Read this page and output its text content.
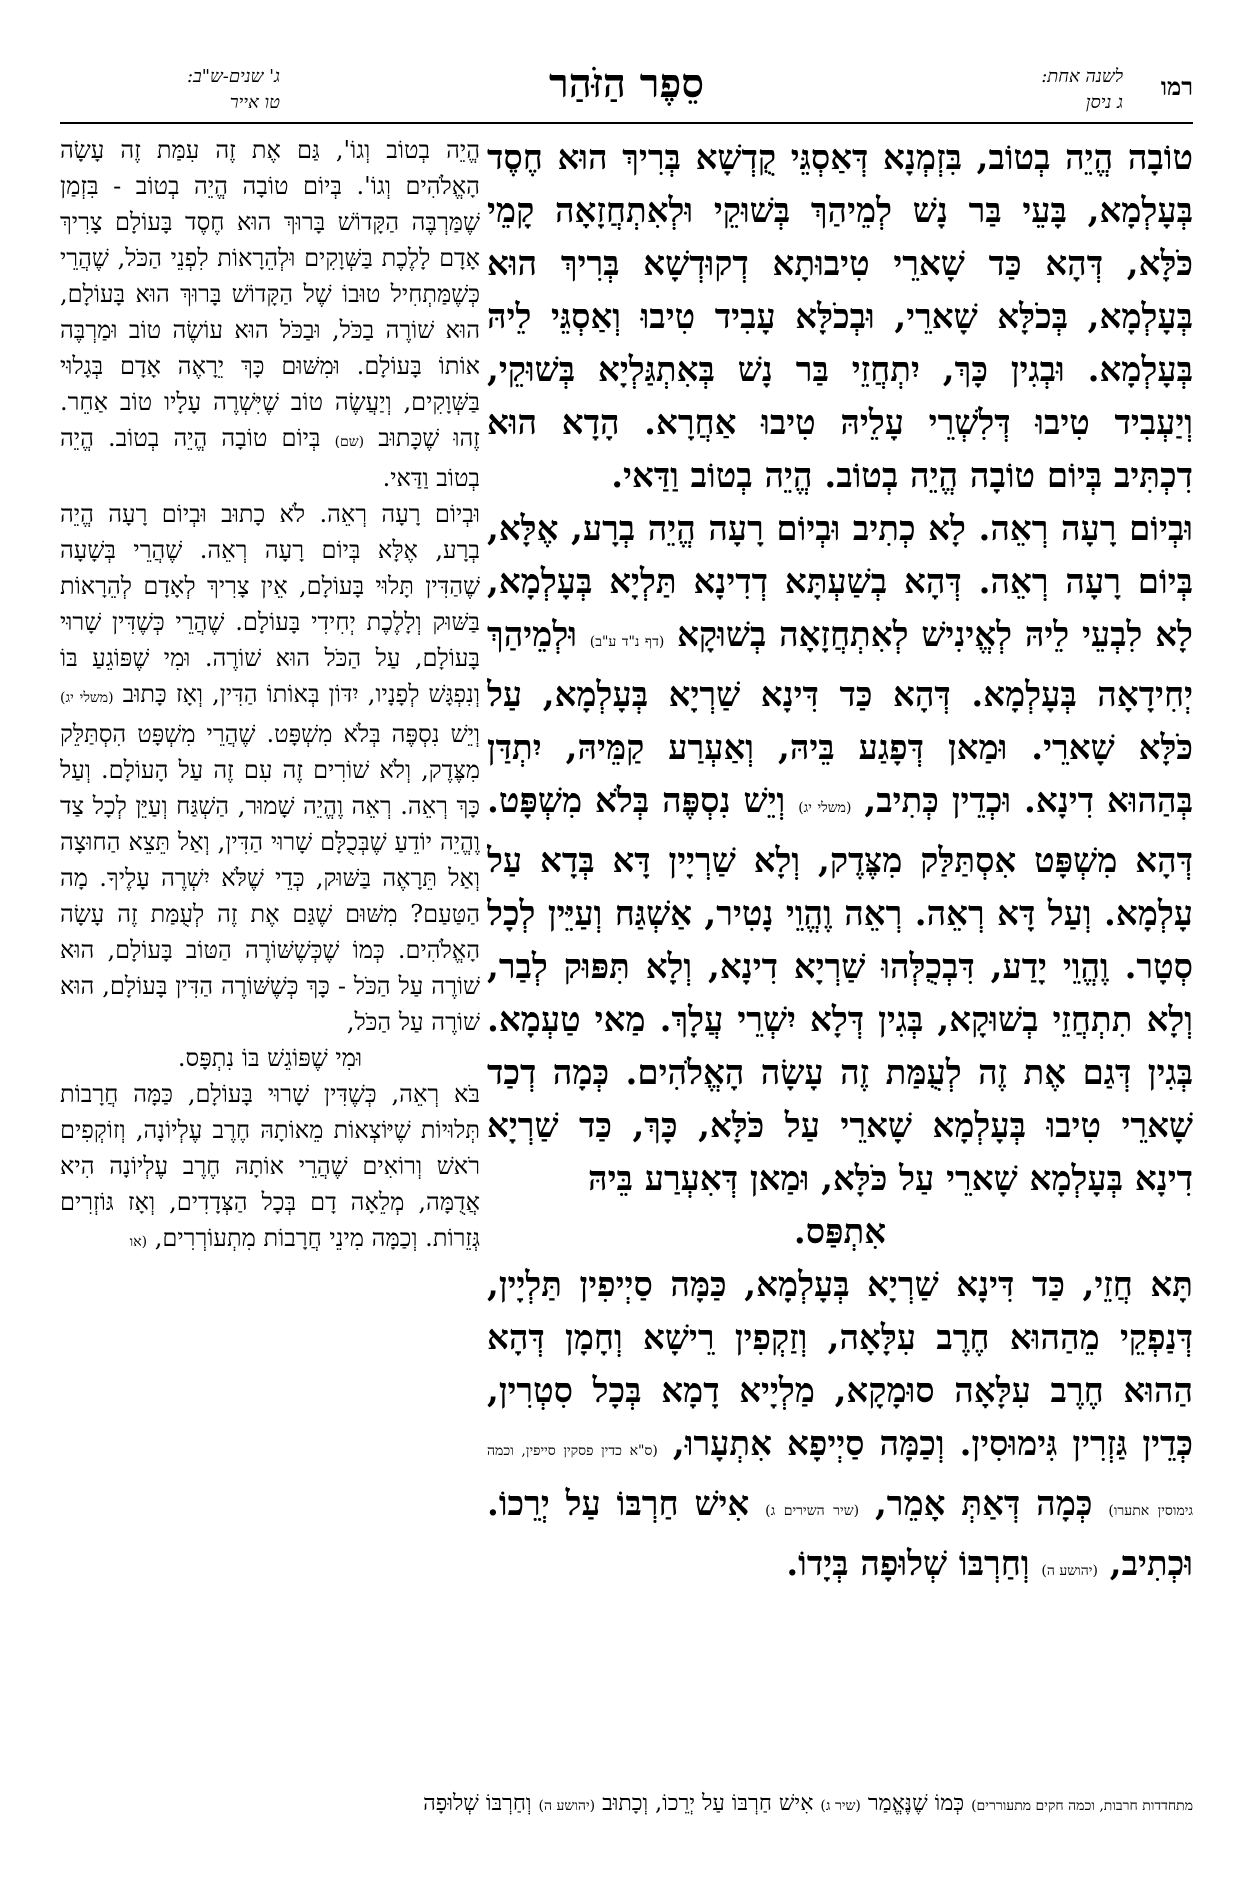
רמו
לשנה אחת:
ג ניסן
סֵפֶר הַזֹּהַר
ג' שנים-ש"ב:
טו אייר

טוֹבָה הֱיֵה בְטוֹב, בִּזְמְנָא דְּאַסְגֵּי קֻדְשָׁא בְּרִיךְ הוּא חֶסֶד בְּעָלְמָא, בָּעֵי בַּר נָשׁ לְמֵיהַךְ בְּשׁוּקֵי וּלְאִתְחֲזָאָה קָמֵי כֹּלָּא, דְּהָא כַּד שָׁארֵי טִיבוּתָא דְקוּדְשָׁא בְּרִיךְ הוּא בְּעָלְמָא, בְּכֹלָּא שָׁארֵי, וּבְכֹלָּא עָבִיד טִיבוּ וְאַסְגֵּי לֵיהּ בְּעָלְמָא. וּבְגִין כָּךְ, יִתְחֲזֵי בַּר נָשׁ בְּאִתְגַּלְיָא בְּשׁוּקֵי, וְיַעְבִיד טִיבוּ דְּלִשְׁרֵי עָלֵיהּ טִיבוּ אַחֲרָא. הָדָא הוּא דִכְתִּיב בְּיוֹם טוֹבָה הֱיֵה בְטוֹב. הֱיֵה בְטוֹב וַדַּאי.

וּבְיוֹם רָעָה רְאֵה. לָא כְתִיב וּבְיוֹם רָעָה הֱיֵה בְרָע, אֶלָּא, בְּיוֹם רָעָה רְאֵה. דְּהָא בְשַׁעְתָּא דְדִינָא תַּלְיָא בְּעָלְמָא, לָא לִבְעֵי לֵיהּ לְאֱינִישׁ לְאִתְחֲזָאָה בְשׁוּקָא (דף נ"ד ע"ב) וּלְמֵיהַךְ יְחִידָאָה בְּעָלְמָא. דְּהָא כַּד דִּינָא שַׁרְיָא בְּעָלְמָא, עַל כֹּלָּא שָׁארֵי. וּמַאן דְּפָגַע בֵּיהּ, וְאַעְרַע קַמֵּיהּ, יִתְדַּן בְּהַהוּא דִינָא. וּכְדֵין כְּתִיב, (משלי יג) וְיֵשׁ נִסְפֶּה בְּלֹא מִשְׁפָּט. דְּהָא מִשְׁפָּט אִסְתַּלַּק מִצֶּדֶק, וְלָא שַׁרְיָין דָּא בְּדָא עַל עָלְמָא. וְעַל דָּא רְאֵה. רְאֵה וֶהֱוֵי נָטִיר, אַשְׁגַּח וְעַיֵּין לְכָל סְטָר. וֶהֱוֵי יָדַע, דִּבְכֻלְּהוּ שַׁרְיָא דִינָא, וְלָא תִּפּוּק לְבַר, וְלָא תִתְחֲזֵי בְשׁוּקָא, בְּגִין דְּלָא יִשְׁרֵי עֲלָךְ. מַאי טַעְמָא. בְּגִין דְּגַם אֶת זֶה לְעֻמַּת זֶה עָשָׂה הָאֱלֹהִים. כְּמָה דְכַד שָׁארֵי טִיבוּ בְּעָלְמָא שָׁארֵי עַל כֹּלָּא, כָּךְ, כַּד שַׁרְיָא דִינָא בְּעָלְמָא שָׁארֵי עַל כֹּלָּא, וּמַאן דְּאִעְרַע בֵּיהּ

אִתְפַּס.

תָּא חֲזֵי, כַּד דִּינָא שַׁרְיָא בְּעָלְמָא, כַּמָּה סַיְיפִין תַּלְיָין, דְּנַפְקֵי מֵהַהוּא חֶרֶב עִלָּאָה, וְזַקְפִין רֵישָׁא וְחָמָן דְּהָא הַהוּא חֶרֶב עִלָּאָה סוּמָקָא, מַלְיָיא דָמָא בְּכָל סִטְרִין, כְּדֵין גַּזְרִין גִּימוּסִין. וְכַמָּה סַיְיפָא אִתְעָרוּ, (ס"א כדין פסקין סייפין, וכמה גימוסין אתערו) כְּמָה דְּאַתְּ אָמֵר, (שיר השירים ג) אִישׁ חַרְבּוֹ עַל יְרֵכוֹ. וּכְתִיב, (יהושע ה) וְחַרְבּוֹ שְׁלוּפָה בְּיָדוֹ.

הֱיֵה בְטוֹב וְגוֹ', גַּם אֶת זֶה עִמַּת זֶה עָשָׂה הָאֱלֹהִים וְגוֹ'. בְּיוֹם טוֹבָה הֱיֵה בְטוֹב - בִּזְמַן שֶׁמַּרְבֶּה הַקָּדוֹשׁ בָּרוּךְ הוּא חֶסֶד בָּעוֹלָם צָרִיךְ אָדָם לָלֶכֶת בַּשְּׁוָקִים וּלְהֵרָאוֹת לִפְנֵי הַכֹּל, שֶׁהֲרֵי כְּשֶׁמַּתְחִיל טוּבוֹ שֶׁל הַקָּדוֹשׁ בָּרוּךְ הוּא בָּעוֹלָם, הוּא שׁוֹרֶה בַכֹּל, וּבַכֹּל הוּא עוֹשֶׂה טוֹב וּמַרְבֶּה אוֹתוֹ בָּעוֹלָם. וּמִשּׁוּם כָּךְ יֵרָאֶה אָדָם בְּגָלוּי בַּשְּׁוָקִים, וְיַעֲשֶׂה טוֹב שֶׁיִּשְׁרֶה עָלָיו טוֹב אַחֵר. זֶהוּ שֶׁכָּתוּב (שם) בְּיוֹם טוֹבָה הֱיֵה בְטוֹב. הֱיֵה בְטוֹב וַדַּאי.

וּבְיוֹם רָעָה רְאֵה. לֹא כָתוּב וּבְיוֹם רָעָה הֱיֵה בְרָע, אֶלָּא בְּיוֹם רָעָה רְאֵה. שֶׁהֲרֵי בְּשָׁעָה שֶׁהַדִּין תָּלוּי בָּעוֹלָם, אֵין צָרִיךְ לְאָדָם לְהֵרָאוֹת בַּשּׁוּק וְלָלֶכֶת יְחִידִי בָּעוֹלָם. שֶׁהֲרֵי כְּשֶׁדִּין שָׁרוּי בָּעוֹלָם, עַל הַכֹּל הוּא שׁוֹרֶה. וּמִי שֶׁפּוֹגֵעַ בּוֹ וְנִפְגָּשׁ לְפָנָיו, יִדּוֹן בְּאוֹתוֹ הַדִּין, וְאָז כָּתוּב (משלי יג) וְיֵשׁ נִסְפֶּה בְּלֹא מִשְׁפָּט. שֶׁהֲרֵי מִשְׁפָּט הִסְתַּלֵּק מִצֶּדֶק, וְלֹא שׁוֹרִים זֶה עִם זֶה עַל הָעוֹלָם. וְעַל כָּךְ רְאֵה. רְאֵה וֶהֱיֵה שָׁמוּר, הַשְׁגַּח וְעַיֵּן לְכָל צַד וֶהֱיֵה יוֹדֵעַ שֶׁבְּכֻלָּם שָׁרוּי הַדִּין, וְאַל תֵּצֵא הַחוּצָה וְאַל תֵּרָאֶה בַּשּׁוּק, כְּדֵי שֶׁלֹּא יִשְׁרֶה עָלֶיךָ. מָה הַטַּעַם? מִשּׁוּם שֶׁגַּם אֶת זֶה לְעֻמַּת זֶה עָשָׂה הָאֱלֹהִים. כְּמוֹ שֶׁכְּשֶׁשּׁוֹרֶה הַטּוֹב בָּעוֹלָם, הוּא שׁוֹרֶה עַל הַכֹּל - כָּךְ כְּשֶׁשּׁוֹרֶה הַדִּין בָּעוֹלָם, הוּא שׁוֹרֶה עַל הַכֹּל,

וּמִי שֶׁפּוֹגֵשׁ בּוֹ נִתְפָּס.

בֹּא רְאֵה, כְּשֶׁדִּין שָׁרוּי בָּעוֹלָם, כַּמָּה חֲרָבוֹת תְּלוּיוֹת שֶׁיּוֹצְאוֹת מֵאוֹתָהּ חֶרֶב עֶלְיוֹנָה, וְזוֹקְפִים רֹאשׁ וְרוֹאִים שֶׁהֲרֵי אוֹתָהּ חֶרֶב עֶלְיוֹנָה הִיא אֲדֻמָּה, מְלֵאָה דָם בְּכָל הַצְּדָדִים, וְאָז גּוֹזְרִים גְּזֵרוֹת. וְכַמָּה מִינֵי חֲרָבוֹת מִתְעוֹרְרִים, (או

מתחדדות חרבות, וכמה חקים מתעוררים) כְּמוֹ שֶׁנֶּאֱמַר (שיר ג) אִישׁ חַרְבּוֹ עַל יְרֵכוֹ, וְכָתוּב (יהושע ה) וְחַרְבּוֹ שְׁלוּפָה
